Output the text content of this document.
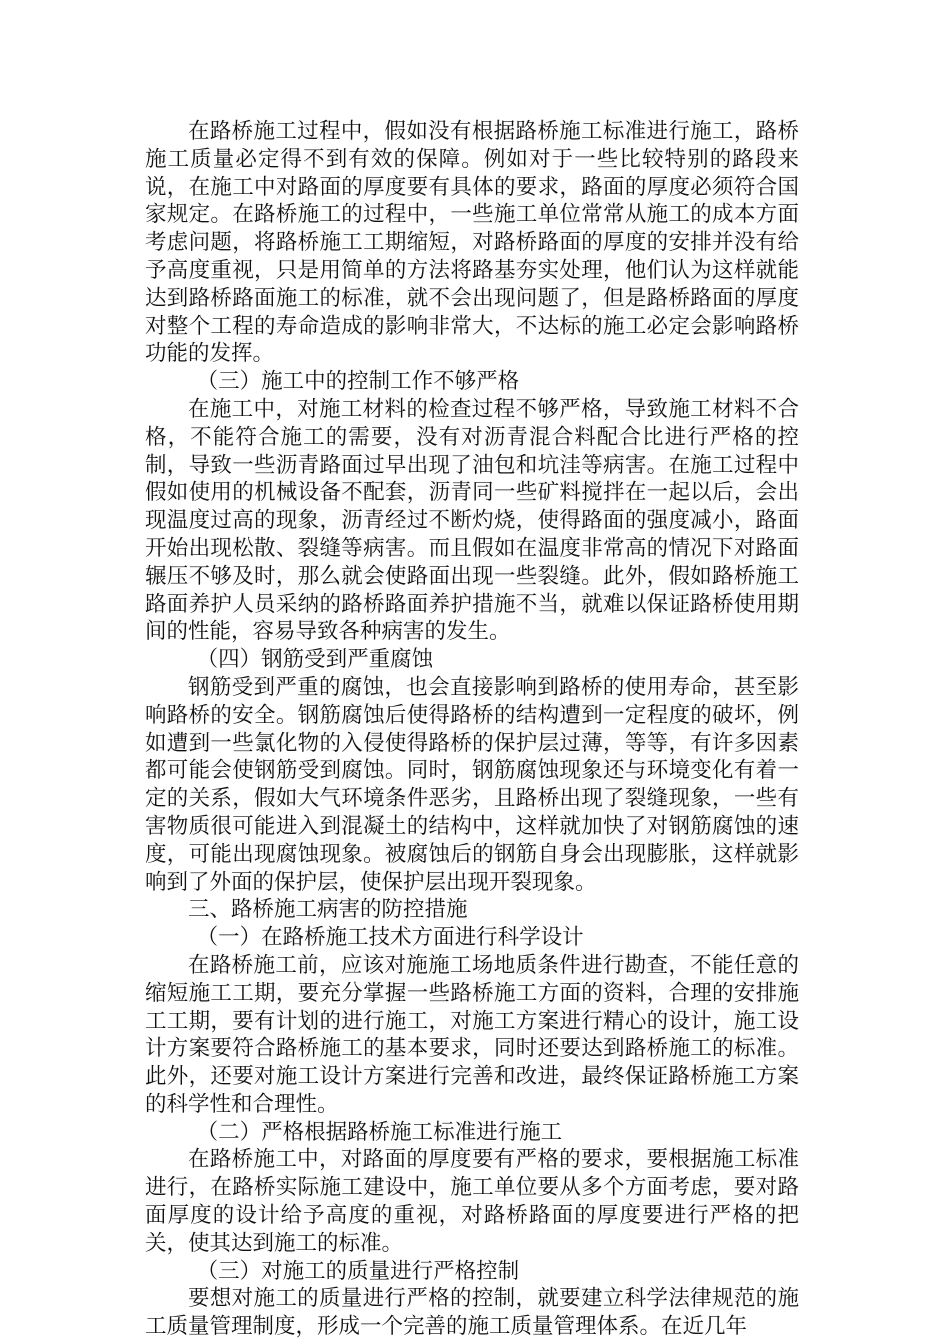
在路桥施工过程中，假如没有根据路桥施工标准进行施工，路桥施工质量必定得不到有效的保障。例如对于一些比较特别的路段来说，在施工中对路面的厚度要有具体的要求，路面的厚度必须符合国家规定。在路桥施工的过程中，一些施工单位常常从施工的成本方面考虑问题，将路桥施工工期缩短，对路桥路面的厚度的安排并没有给予高度重视，只是用简单的方法将路基夯实处理，他们认为这样就能达到路桥路面施工的标准，就不会出现问题了，但是路桥路面的厚度对整个工程的寿命造成的影响非常大，不达标的施工必定会影响路桥功能的发挥。

（三）施工中的控制工作不够严格

在施工中，对施工材料的检查过程不够严格，导致施工材料不合格，不能符合施工的需要，没有对沥青混合料配合比进行严格的控制，导致一些沥青路面过早出现了油包和坑洼等病害。在施工过程中假如使用的机械设备不配套，沥青同一些矿料搅拌在一起以后，会出现温度过高的现象，沥青经过不断灼烧，使得路面的强度减小，路面开始出现松散、裂缝等病害。而且假如在温度非常高的情况下对路面辗压不够及时，那么就会使路面出现一些裂缝。此外，假如路桥施工路面养护人员采纳的路桥路面养护措施不当，就难以保证路桥使用期间的性能，容易导致各种病害的发生。

（四）钢筋受到严重腐蚀

钢筋受到严重的腐蚀，也会直接影响到路桥的使用寿命，甚至影响路桥的安全。钢筋腐蚀后使得路桥的结构遭到一定程度的破坏，例如遭到一些氯化物的入侵使得路桥的保护层过薄，等等，有许多因素都可能会使钢筋受到腐蚀。同时，钢筋腐蚀现象还与环境变化有着一定的关系，假如大气环境条件恶劣，且路桥出现了裂缝现象，一些有害物质很可能进入到混凝土的结构中，这样就加快了对钢筋腐蚀的速度，可能出现腐蚀现象。被腐蚀后的钢筋自身会出现膨胀，这样就影响到了外面的保护层，使保护层出现开裂现象。

三、路桥施工病害的防控措施

（一）在路桥施工技术方面进行科学设计

在路桥施工前，应该对施施工场地质条件进行勘查，不能任意的缩短施工工期，要充分掌握一些路桥施工方面的资料，合理的安排施工工期，要有计划的进行施工，对施工方案进行精心的设计，施工设计方案要符合路桥施工的基本要求，同时还要达到路桥施工的标准。此外，还要对施工设计方案进行完善和改进，最终保证路桥施工方案的科学性和合理性。

（二）严格根据路桥施工标准进行施工

在路桥施工中，对路面的厚度要有严格的要求，要根据施工标准进行，在路桥实际施工建设中，施工单位要从多个方面考虑，要对路面厚度的设计给予高度的重视，对路桥路面的厚度要进行严格的把关，使其达到施工的标准。

（三）对施工的质量进行严格控制

要想对施工的质量进行严格的控制，就要建立科学法律规范的施工质量管理制度，形成一个完善的施工质量管理体系。在近几年
